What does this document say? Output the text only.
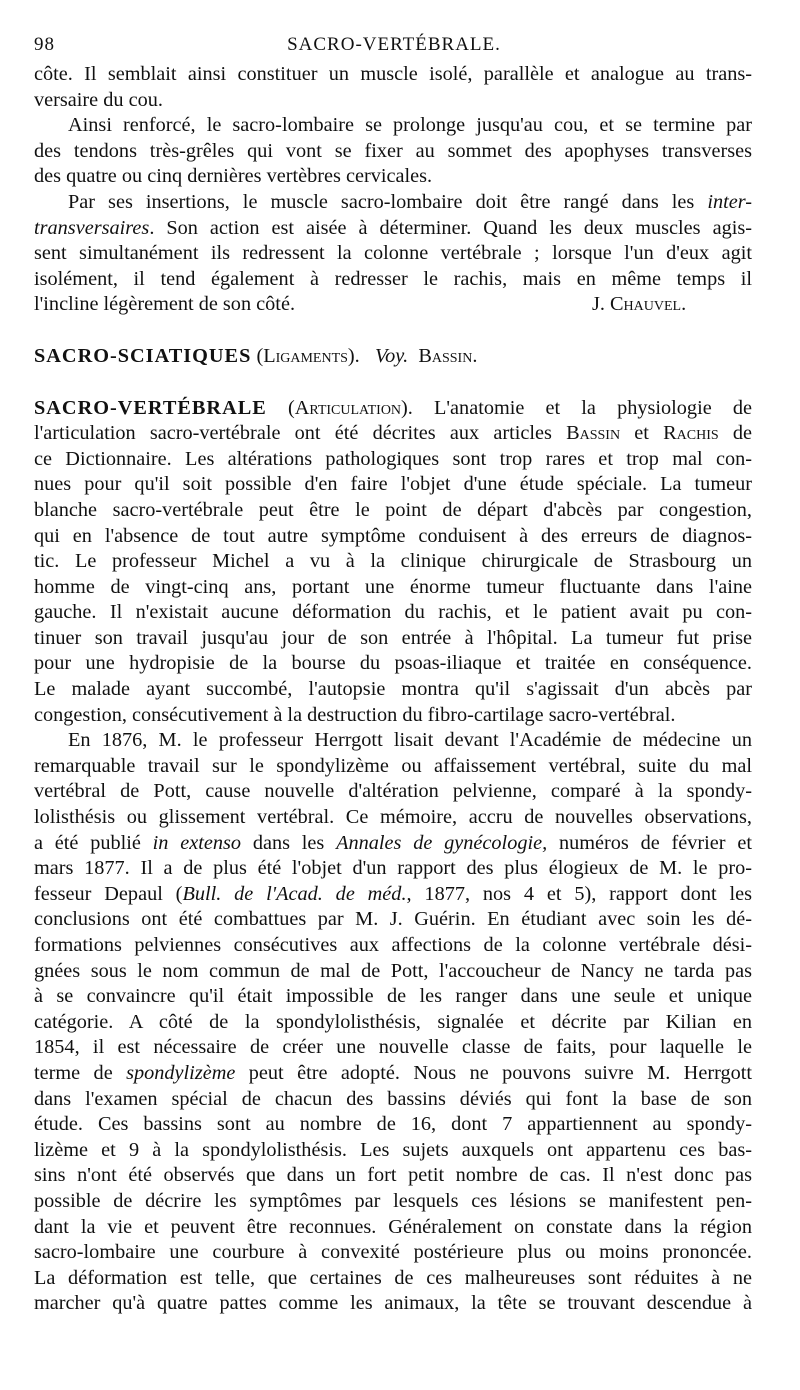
98	SACRO-VERTÉBRALE.
côte. Il semblait ainsi constituer un muscle isolé, parallèle et analogue au trans-
versaire du cou.
Ainsi renforcé, le sacro-lombaire se prolonge jusqu'au cou, et se termine par
des tendons très-grêles qui vont se fixer au sommet des apophyses transverses
des quatre ou cinq dernières vertèbres cervicales.
Par ses insertions, le muscle sacro-lombaire doit être rangé dans les inter-
transversaires. Son action est aisée à déterminer. Quand les deux muscles agis-
sent simultanément ils redressent la colonne vertébrale ; lorsque l'un d'eux agit
isolément, il tend également à redresser le rachis, mais en même temps il
l'incline légèrement de son côté.	J. Chauvel.
SACRO-SCIATIQUES (Ligaments). Voy. Bassin.
SACRO-VERTÉBRALE (Articulation). L'anatomie et la physiologie de
l'articulation sacro-vertébrale ont été décrites aux articles Bassin et Rachis de
ce Dictionnaire. Les altérations pathologiques sont trop rares et trop mal con-
nues pour qu'il soit possible d'en faire l'objet d'une étude spéciale. La tumeur
blanche sacro-vertébrale peut être le point de départ d'abcès par congestion,
qui en l'absence de tout autre symptôme conduisent à des erreurs de diagnos-
tic. Le professeur Michel a vu à la clinique chirurgicale de Strasbourg un
homme de vingt-cinq ans, portant une énorme tumeur fluctuante dans l'aine
gauche. Il n'existait aucune déformation du rachis, et le patient avait pu con-
tinuer son travail jusqu'au jour de son entrée à l'hôpital. La tumeur fut prise
pour une hydropisie de la bourse du psoas-iliaque et traitée en conséquence.
Le malade ayant succombé, l'autopsie montra qu'il s'agissait d'un abcès par
congestion, consécutivement à la destruction du fibro-cartilage sacro-vertébral.
En 1876, M. le professeur Herrgott lisait devant l'Académie de médecine un
remarquable travail sur le spondylizème ou affaissement vertébral, suite du mal
vertébral de Pott, cause nouvelle d'altération pelvienne, comparé à la spondy-
lolisthésis ou glissement vertébral. Ce mémoire, accru de nouvelles observations,
a été publié in extenso dans les Annales de gynécologie, numéros de février et
mars 1877. Il a de plus été l'objet d'un rapport des plus élogieux de M. le pro-
fesseur Depaul (Bull. de l'Acad. de méd., 1877, nos 4 et 5), rapport dont les
conclusions ont été combattues par M. J. Guérin. En étudiant avec soin les dé-
formations pelviennes consécutives aux affections de la colonne vertébrale dési-
gnées sous le nom commun de mal de Pott, l'accoucheur de Nancy ne tarda pas
à se convaincre qu'il était impossible de les ranger dans une seule et unique
catégorie. A côté de la spondylolisthésis, signalée et décrite par Kilian en
1854, il est nécessaire de créer une nouvelle classe de faits, pour laquelle le
terme de spondylizème peut être adopté. Nous ne pouvons suivre M. Herrgott
dans l'examen spécial de chacun des bassins déviés qui font la base de son
étude. Ces bassins sont au nombre de 16, dont 7 appartiennent au spondy-
lizème et 9 à la spondylolisthésis. Les sujets auxquels ont appartenu ces bas-
sins n'ont été observés que dans un fort petit nombre de cas. Il n'est donc pas
possible de décrire les symptômes par lesquels ces lésions se manifestent pen-
dant la vie et peuvent être reconnues. Généralement on constate dans la région
sacro-lombaire une courbure à convexité postérieure plus ou moins prononcée.
La déformation est telle, que certaines de ces malheureuses sont réduites à ne
marcher qu'à quatre pattes comme les animaux, la tête se trouvant descendue à
